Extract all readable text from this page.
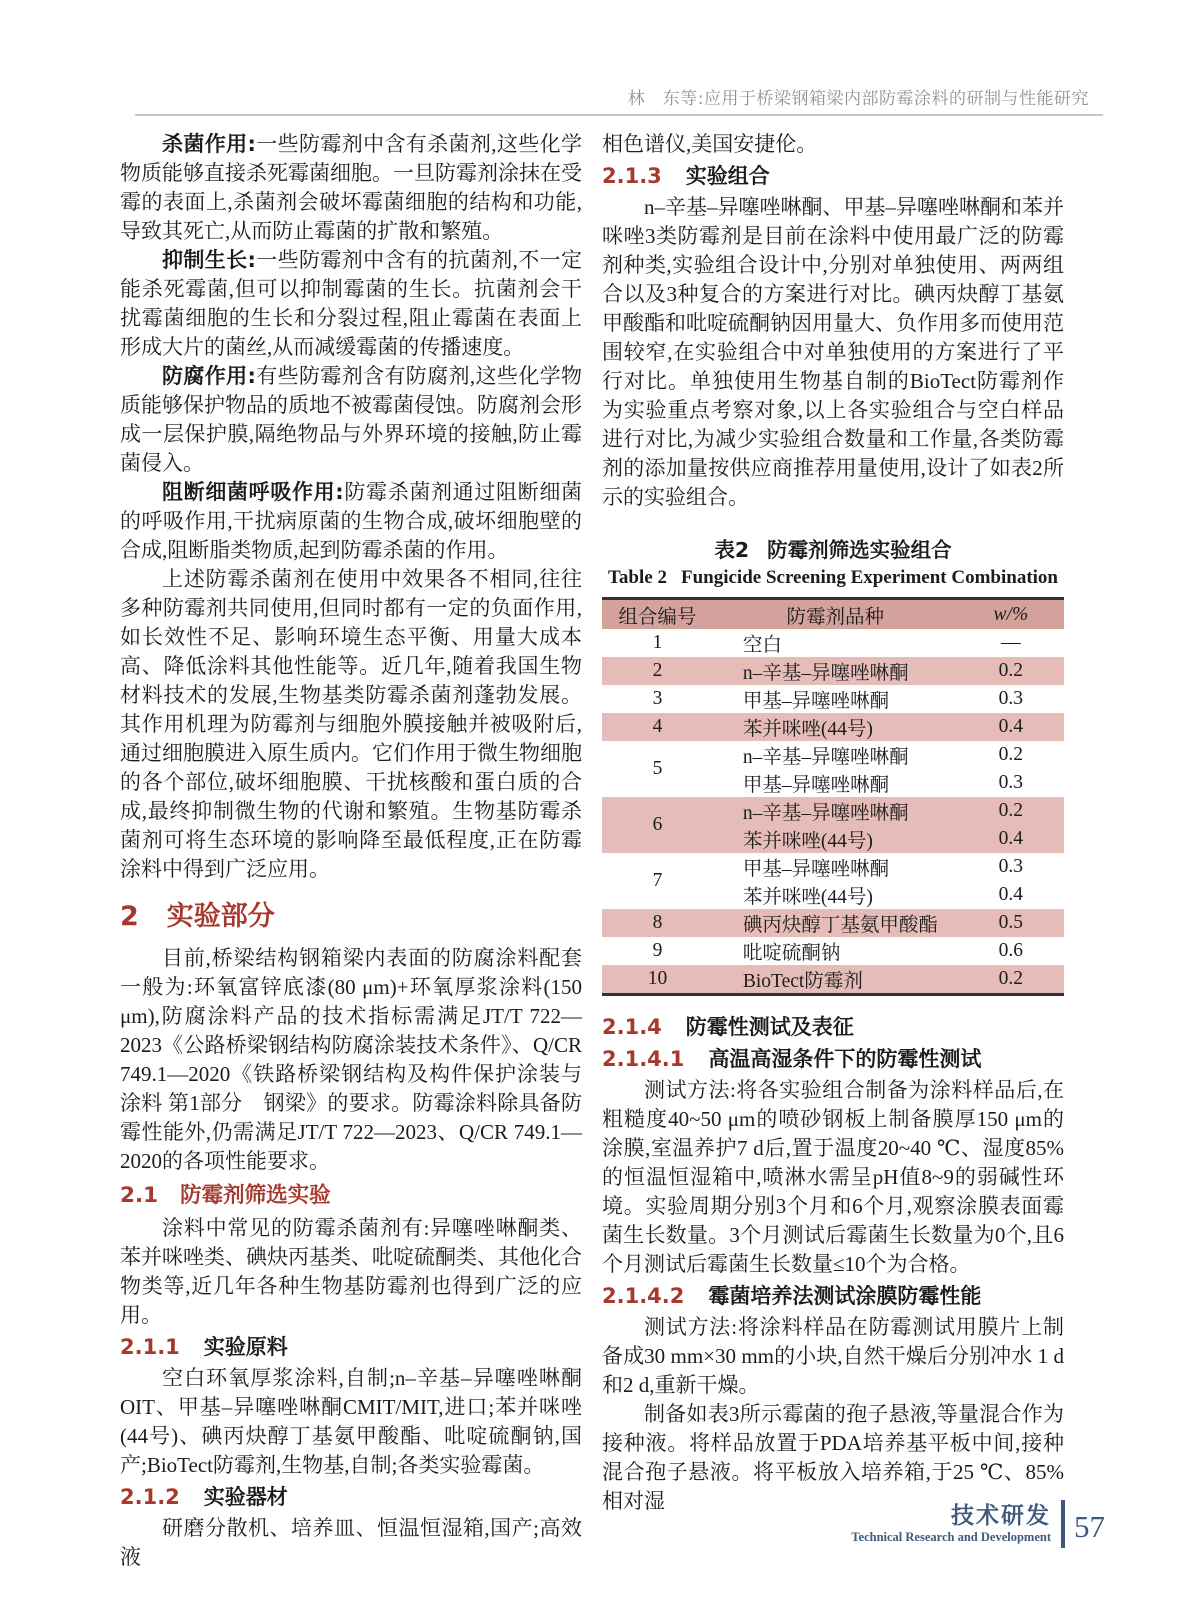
林　东等:应用于桥梁钢箱梁内部防霉涂料的研制与性能研究

杀菌作用:一些防霉剂中含有杀菌剂,这些化学物质能够直接杀死霉菌细胞。一旦防霉剂涂抹在受霉的表面上,杀菌剂会破坏霉菌细胞的结构和功能,导致其死亡,从而防止霉菌的扩散和繁殖。

抑制生长:一些防霉剂中含有的抗菌剂,不一定能杀死霉菌,但可以抑制霉菌的生长。抗菌剂会干扰霉菌细胞的生长和分裂过程,阻止霉菌在表面上形成大片的菌丝,从而减缓霉菌的传播速度。

防腐作用:有些防霉剂含有防腐剂,这些化学物质能够保护物品的质地不被霉菌侵蚀。防腐剂会形成一层保护膜,隔绝物品与外界环境的接触,防止霉菌侵入。

阻断细菌呼吸作用:防霉杀菌剂通过阻断细菌的呼吸作用,干扰病原菌的生物合成,破坏细胞壁的合成,阻断脂类物质,起到防霉杀菌的作用。

上述防霉杀菌剂在使用中效果各不相同,往往多种防霉剂共同使用,但同时都有一定的负面作用,如长效性不足、影响环境生态平衡、用量大成本高、降低涂料其他性能等。近几年,随着我国生物材料技术的发展,生物基类防霉杀菌剂蓬勃发展。其作用机理为防霉剂与细胞外膜接触并被吸附后,通过细胞膜进入原生质内。它们作用于微生物细胞的各个部位,破坏细胞膜、干扰核酸和蛋白质的合成,最终抑制微生物的代谢和繁殖。生物基防霉杀菌剂可将生态环境的影响降至最低程度,正在防霉涂料中得到广泛应用。

2 实验部分

目前,桥梁结构钢箱梁内表面的防腐涂料配套一般为:环氧富锌底漆(80 μm)+环氧厚浆涂料(150 μm),防腐涂料产品的技术指标需满足JT/T 722—2023《公路桥梁钢结构防腐涂装技术条件》、Q/CR 749.1—2020《铁路桥梁钢结构及构件保护涂装与涂料 第1部分　钢梁》的要求。防霉涂料除具备防霉性能外,仍需满足JT/T 722—2023、Q/CR 749.1—2020的各项性能要求。

2.1 防霉剂筛选实验

涂料中常见的防霉杀菌剂有:异噻唑啉酮类、苯并咪唑类、碘炔丙基类、吡啶硫酮类、其他化合物类等,近几年各种生物基防霉剂也得到广泛的应用。

2.1.1 实验原料

空白环氧厚浆涂料,自制;n–辛基–异噻唑啉酮OIT、甲基–异噻唑啉酮CMIT/MIT,进口;苯并咪唑(44号)、碘丙炔醇丁基氨甲酸酯、吡啶硫酮钠,国产;BioTect防霉剂,生物基,自制;各类实验霉菌。

2.1.2 实验器材

研磨分散机、培养皿、恒温恒湿箱,国产;高效液

相色谱仪,美国安捷伦。

2.1.3 实验组合

n–辛基–异噻唑啉酮、甲基–异噻唑啉酮和苯并咪唑3类防霉剂是目前在涂料中使用最广泛的防霉剂种类,实验组合设计中,分别对单独使用、两两组合以及3种复合的方案进行对比。碘丙炔醇丁基氨甲酸酯和吡啶硫酮钠因用量大、负作用多而使用范围较窄,在实验组合中对单独使用的方案进行了平行对比。单独使用生物基自制的BioTect防霉剂作为实验重点考察对象,以上各实验组合与空白样品进行对比,为减少实验组合数量和工作量,各类防霉剂的添加量按供应商推荐用量使用,设计了如表2所示的实验组合。

表2 防霉剂筛选实验组合
Table 2 Fungicide Screening Experiment Combination
组合编号	防霉剂品种	w/%
1	空白	—
2	n–辛基–异噻唑啉酮	0.2
3	甲基–异噻唑啉酮	0.3
4	苯并咪唑(44号)	0.4
5	n–辛基–异噻唑啉酮	0.2
	甲基–异噻唑啉酮	0.3
6	n–辛基–异噻唑啉酮	0.2
	苯并咪唑(44号)	0.4
7	甲基–异噻唑啉酮	0.3
	苯并咪唑(44号)	0.4
8	碘丙炔醇丁基氨甲酸酯	0.5
9	吡啶硫酮钠	0.6
10	BioTect防霉剂	0.2
2.1.4 防霉性测试及表征
2.1.4.1 高温高湿条件下的防霉性测试

测试方法:将各实验组合制备为涂料样品后,在粗糙度40~50 μm的喷砂钢板上制备膜厚150 μm的涂膜,室温养护7 d后,置于温度20~40 ℃、湿度85%的恒温恒湿箱中,喷淋水需呈pH值8~9的弱碱性环境。实验周期分别3个月和6个月,观察涂膜表面霉菌生长数量。3个月测试后霉菌生长数量为0个,且6个月测试后霉菌生长数量≤10个为合格。

2.1.4.2 霉菌培养法测试涂膜防霉性能

测试方法:将涂料样品在防霉测试用膜片上制备成30 mm×30 mm的小块,自然干燥后分别冲水 1 d和2 d,重新干燥。

制备如表3所示霉菌的孢子悬液,等量混合作为接种液。将样品放置于PDA培养基平板中间,接种混合孢子悬液。将平板放入培养箱,于25 ℃、85%相对湿

技术研发
Technical Research and Development 57
